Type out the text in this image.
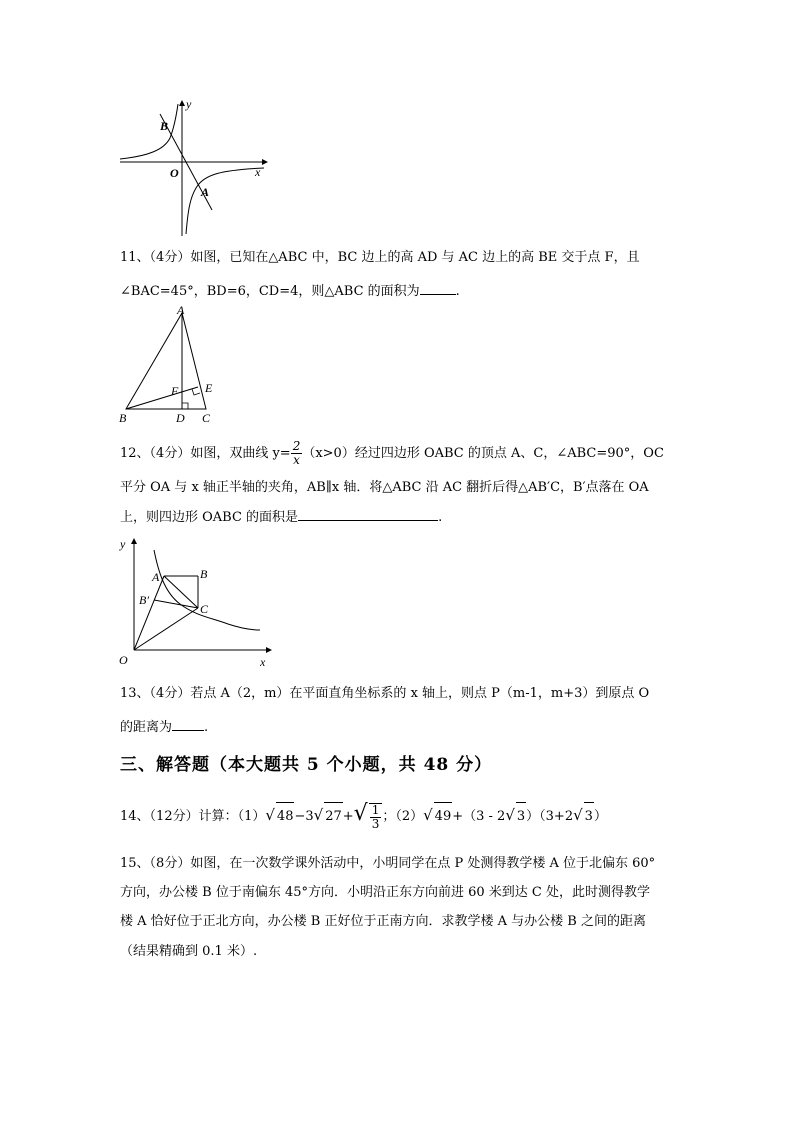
y
x
O
B
A
11、（4分）如图，已知在△ABC 中，BC 边上的高 AD 与 AC 边上的高 BE 交于点 F，且
∠BAC=45°，BD=6，CD=4，则△ABC 的面积为	.
A
B	C
D
E
F
12、（4分）如图，双曲线 $y= \frac{2}{x} (x>0)$经过四边形 OABC 的顶点 A、C，∠ABC=90°，OC
平分 OA 与 x 轴正半轴的夹角，AB∥x 轴．将△ABC 沿 AC 翻折后得△AB′C，B′点落在 OA
上，则四边形 OABC 的面积是	.
y
x
O
A	B
B′
C
13、（4分）若点 A（2，m）在平面直角坐标系的 x 轴上，则点 P（m-1，m+3）到原点 O
的距离为 .
三、解答题（本大题共 5 个小题，共 48 分）
14、（12分）计算：（1）√ 48−3√ $27+√ \frac{1}{3}$ ；（2）√ 49+（3 - 2√ 3）（3+2√ 3）
15、（8分）如图，在一次数学课外活动中，小明同学在点 P 处测得教学楼 A 位于北偏东 60°
方向，办公楼 B 位于南偏东 45°方向．小明沿正东方向前进 60 米到达 C 处，此时测得教学
楼 A 恰好位于正北方向，办公楼 B 正好位于正南方向．求教学楼 A 与办公楼 B 之间的距离
（结果精确到 0.1 米）.
